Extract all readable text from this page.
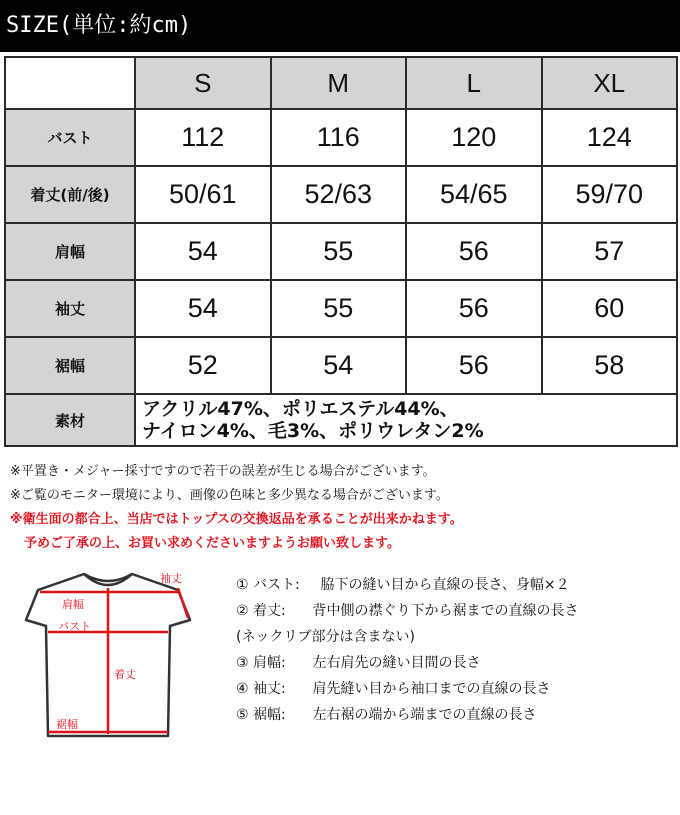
SIZE(単位:約cm)
	S	M	L	XL
バスト	112	116	120	124
着丈(前/後)	50/61	52/63	54/65	59/70
肩幅	54	55	56	57
袖丈	54	55	56	60
裾幅	52	54	56	58
素材	アクリル47%、ポリエステル44%、
ナイロン4%、毛3%、ポリウレタン2%			
※平置き・メジャー採寸ですので若干の誤差が生じる場合がございます。
※ご覧のモニター環境により、画像の色味と多少異なる場合がございます。
※衛生面の都合上、当店ではトップスの交換返品を承ることが出来かねます。
予めご了承の上、お買い求めくださいますようお願い致します。
袖丈
肩幅
バスト
着丈
裾幅
① バスト: 脇下の縫い目から直線の長さ、身幅×２
② 着丈: 背中側の襟ぐり下から裾までの直線の長さ
(ネックリブ部分は含まない)
③ 肩幅: 左右肩先の縫い目間の長さ
④ 袖丈: 肩先縫い目から袖口までの直線の長さ
⑤ 裾幅: 左右裾の端から端までの直線の長さ
